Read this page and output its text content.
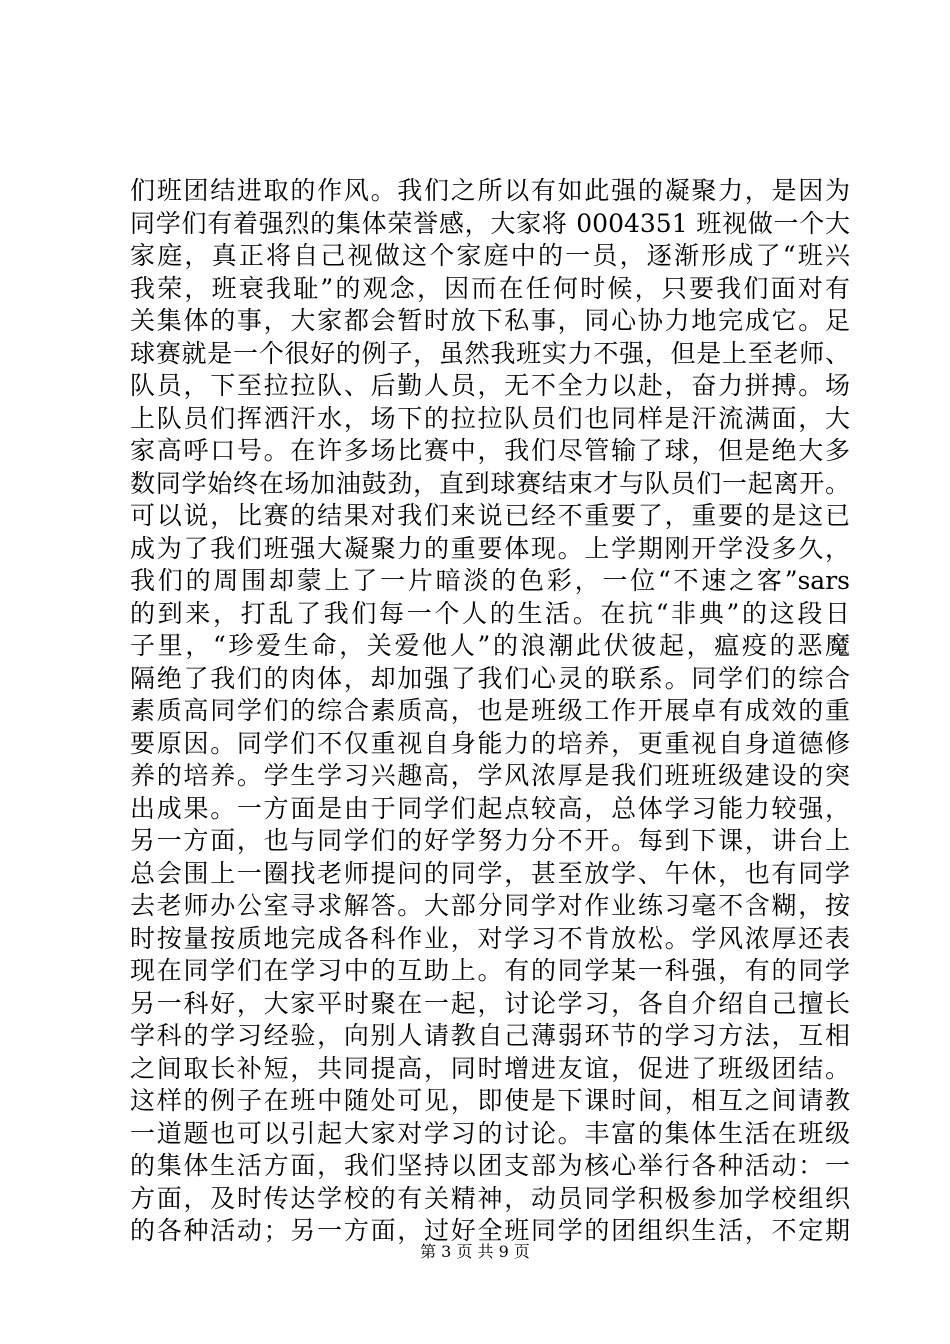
们班团结进取的作风。我们之所以有如此强的凝聚力，是因为
同学们有着强烈的集体荣誉感，大家将 0004351 班视做一个大
家庭，真正将自己视做这个家庭中的一员，逐渐形成了“班兴
我荣，班衰我耻”的观念，因而在任何时候，只要我们面对有
关集体的事，大家都会暂时放下私事，同心协力地完成它。足
球赛就是一个很好的例子，虽然我班实力不强，但是上至老师、
队员，下至拉拉队、后勤人员，无不全力以赴，奋力拼搏。场
上队员们挥洒汗水，场下的拉拉队员们也同样是汗流满面，大
家高呼口号。在许多场比赛中，我们尽管输了球，但是绝大多
数同学始终在场加油鼓劲，直到球赛结束才与队员们一起离开。
可以说，比赛的结果对我们来说已经不重要了，重要的是这已
成为了我们班强大凝聚力的重要体现。上学期刚开学没多久，
我们的周围却蒙上了一片暗淡的色彩，一位“不速之客”sars
的到来，打乱了我们每一个人的生活。在抗“非典”的这段日
子里，“珍爱生命，关爱他人”的浪潮此伏彼起，瘟疫的恶魔
隔绝了我们的肉体，却加强了我们心灵的联系。同学们的综合
素质高同学们的综合素质高，也是班级工作开展卓有成效的重
要原因。同学们不仅重视自身能力的培养，更重视自身道德修
养的培养。学生学习兴趣高，学风浓厚是我们班班级建设的突
出成果。一方面是由于同学们起点较高，总体学习能力较强，
另一方面，也与同学们的好学努力分不开。每到下课，讲台上
总会围上一圈找老师提问的同学，甚至放学、午休，也有同学
去老师办公室寻求解答。大部分同学对作业练习毫不含糊，按
时按量按质地完成各科作业，对学习不肯放松。学风浓厚还表
现在同学们在学习中的互助上。有的同学某一科强，有的同学
另一科好，大家平时聚在一起，讨论学习，各自介绍自己擅长
学科的学习经验，向别人请教自己薄弱环节的学习方法，互相
之间取长补短，共同提高，同时增进友谊，促进了班级团结。
这样的例子在班中随处可见，即使是下课时间，相互之间请教
一道题也可以引起大家对学习的讨论。丰富的集体生活在班级
的集体生活方面，我们坚持以团支部为核心举行各种活动：一
方面，及时传达学校的有关精神，动员同学积极参加学校组织
的各种活动；另一方面，过好全班同学的团组织生活，不定期
第 3 页 共 9 页
